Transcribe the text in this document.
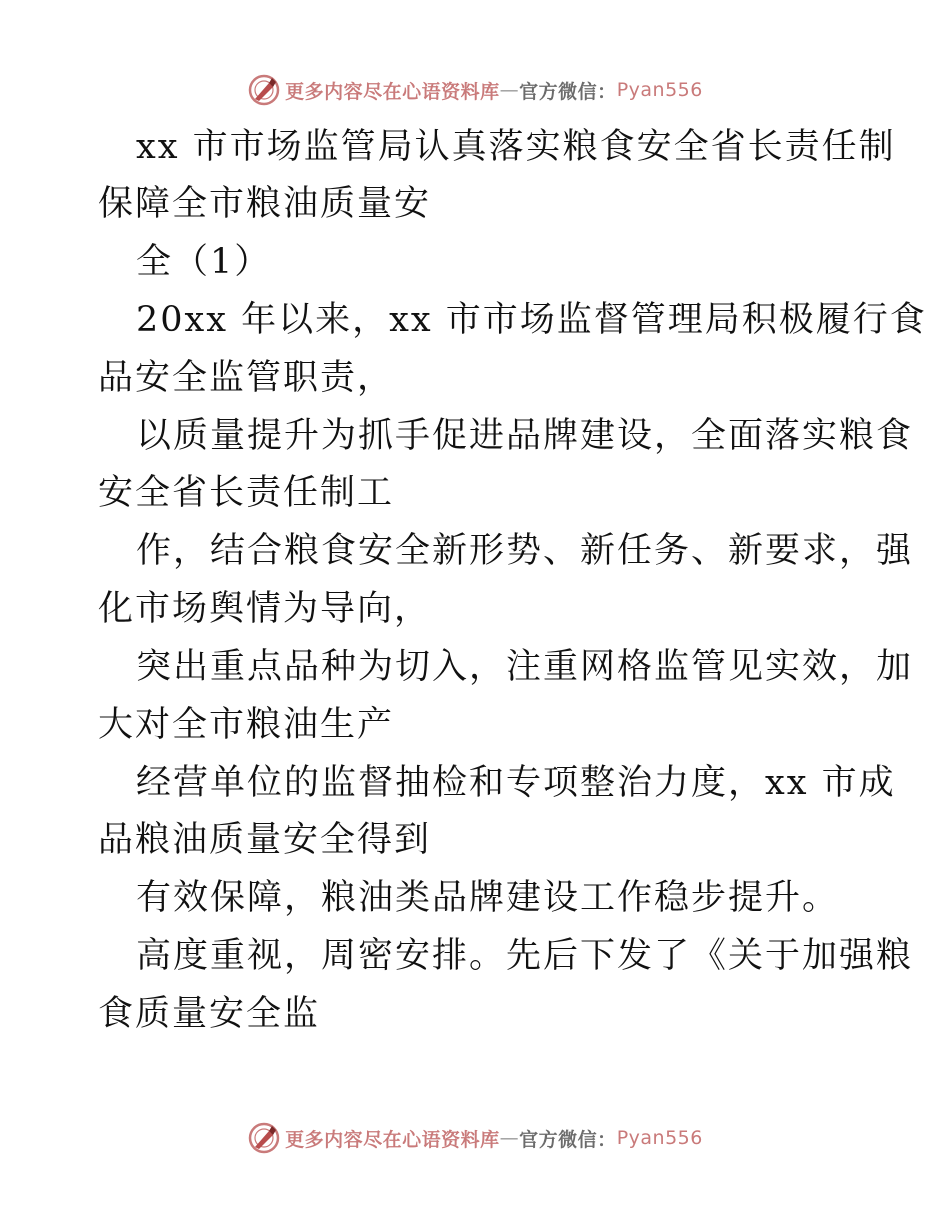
更多内容尽在心语资料库 — 官方微信： Pyan556
xx 市市场监管局认真落实粮食安全省长责任制
保障全市粮油质量安
全（1）
20xx 年以来，xx 市市场监督管理局积极履行食
品安全监管职责，
以质量提升为抓手促进品牌建设，全面落实粮食
安全省长责任制工
作，结合粮食安全新形势、新任务、新要求，强
化市场舆情为导向，
突出重点品种为切入，注重网格监管见实效，加
大对全市粮油生产
经营单位的监督抽检和专项整治力度，xx 市成
品粮油质量安全得到
有效保障，粮油类品牌建设工作稳步提升。
高度重视，周密安排。先后下发了《关于加强粮
食质量安全监
更多内容尽在心语资料库 — 官方微信： Pyan556
